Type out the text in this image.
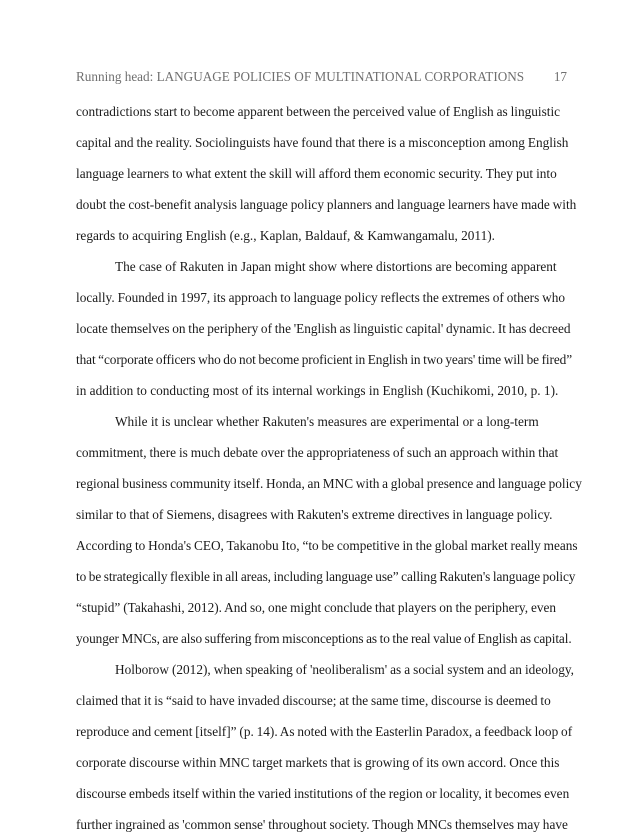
Running head: LANGUAGE POLICIES OF MULTINATIONAL CORPORATIONS 17
contradictions start to become apparent between the perceived value of English as linguistic
capital and the reality. Sociolinguists have found that there is a misconception among English
language learners to what extent the skill will afford them economic security. They put into
doubt the cost-benefit analysis language policy planners and language learners have made with
regards to acquiring English (e.g., Kaplan, Baldauf, & Kamwangamalu, 2011).
The case of Rakuten in Japan might show where distortions are becoming apparent
locally. Founded in 1997, its approach to language policy reflects the extremes of others who
locate themselves on the periphery of the 'English as linguistic capital' dynamic. It has decreed
that “corporate officers who do not become proficient in English in two years' time will be fired”
in addition to conducting most of its internal workings in English (Kuchikomi, 2010, p. 1).
While it is unclear whether Rakuten's measures are experimental or a long-term
commitment, there is much debate over the appropriateness of such an approach within that
regional business community itself. Honda, an MNC with a global presence and language policy
similar to that of Siemens, disagrees with Rakuten's extreme directives in language policy.
According to Honda's CEO, Takanobu Ito, “to be competitive in the global market really means
to be strategically flexible in all areas, including language use” calling Rakuten's language policy
“stupid” (Takahashi, 2012). And so, one might conclude that players on the periphery, even
younger MNCs, are also suffering from misconceptions as to the real value of English as capital.
Holborow (2012), when speaking of 'neoliberalism' as a social system and an ideology,
claimed that it is “said to have invaded discourse; at the same time, discourse is deemed to
reproduce and cement [itself]” (p. 14). As noted with the Easterlin Paradox, a feedback loop of
corporate discourse within MNC target markets that is growing of its own accord. Once this
discourse embeds itself within the varied institutions of the region or locality, it becomes even
further ingrained as 'common sense' throughout society. Though MNCs themselves may have
